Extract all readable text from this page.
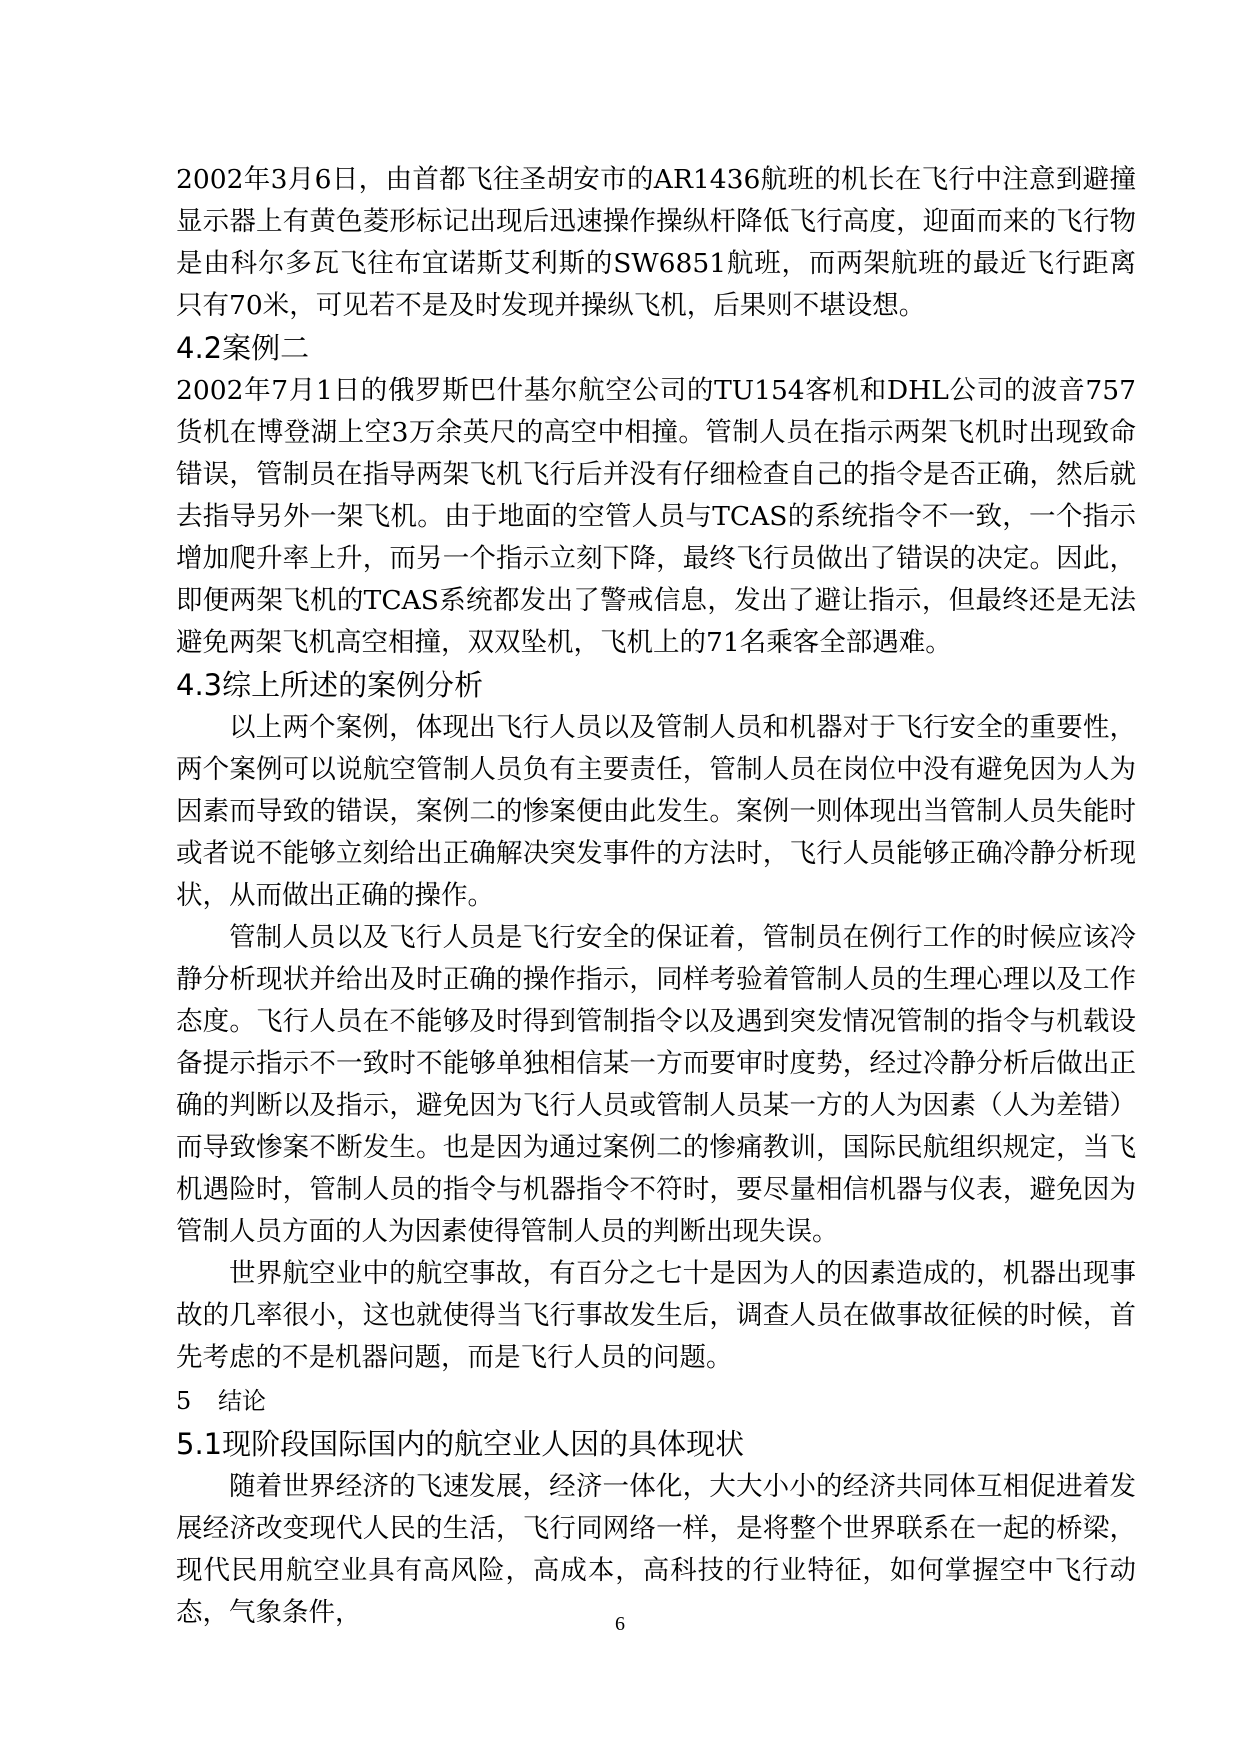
2002年3月6日，由首都飞往圣胡安市的AR1436航班的机长在飞行中注意到避撞显示器上有黄色菱形标记出现后迅速操作操纵杆降低飞行高度，迎面而来的飞行物是由科尔多瓦飞往布宜诺斯艾利斯的SW6851航班，而两架航班的最近飞行距离只有70米，可见若不是及时发现并操纵飞机，后果则不堪设想。

4.2案例二

2002年7月1日的俄罗斯巴什基尔航空公司的TU154客机和DHL公司的波音757货机在博登湖上空3万余英尺的高空中相撞。管制人员在指示两架飞机时出现致命错误，管制员在指导两架飞机飞行后并没有仔细检查自己的指令是否正确，然后就去指导另外一架飞机。由于地面的空管人员与TCAS的系统指令不一致，一个指示增加爬升率上升，而另一个指示立刻下降，最终飞行员做出了错误的决定。因此，即便两架飞机的TCAS系统都发出了警戒信息，发出了避让指示，但最终还是无法避免两架飞机高空相撞，双双坠机，飞机上的71名乘客全部遇难。

4.3综上所述的案例分析

以上两个案例，体现出飞行人员以及管制人员和机器对于飞行安全的重要性，两个案例可以说航空管制人员负有主要责任，管制人员在岗位中没有避免因为人为因素而导致的错误，案例二的惨案便由此发生。案例一则体现出当管制人员失能时或者说不能够立刻给出正确解决突发事件的方法时，飞行人员能够正确冷静分析现状，从而做出正确的操作。

管制人员以及飞行人员是飞行安全的保证着，管制员在例行工作的时候应该冷静分析现状并给出及时正确的操作指示，同样考验着管制人员的生理心理以及工作态度。飞行人员在不能够及时得到管制指令以及遇到突发情况管制的指令与机载设备提示指示不一致时不能够单独相信某一方而要审时度势，经过冷静分析后做出正确的判断以及指示，避免因为飞行人员或管制人员某一方的人为因素（人为差错）而导致惨案不断发生。也是因为通过案例二的惨痛教训，国际民航组织规定，当飞机遇险时，管制人员的指令与机器指令不符时，要尽量相信机器与仪表，避免因为管制人员方面的人为因素使得管制人员的判断出现失误。

世界航空业中的航空事故，有百分之七十是因为人的因素造成的，机器出现事故的几率很小，这也就使得当飞行事故发生后，调查人员在做事故征候的时候，首先考虑的不是机器问题，而是飞行人员的问题。

5 结论
5.1现阶段国际国内的航空业人因的具体现状

随着世界经济的飞速发展，经济一体化，大大小小的经济共同体互相促进着发展经济改变现代人民的生活，飞行同网络一样，是将整个世界联系在一起的桥梁，现代民用航空业具有高风险，高成本，高科技的行业特征，如何掌握空中飞行动态，气象条件，	6
